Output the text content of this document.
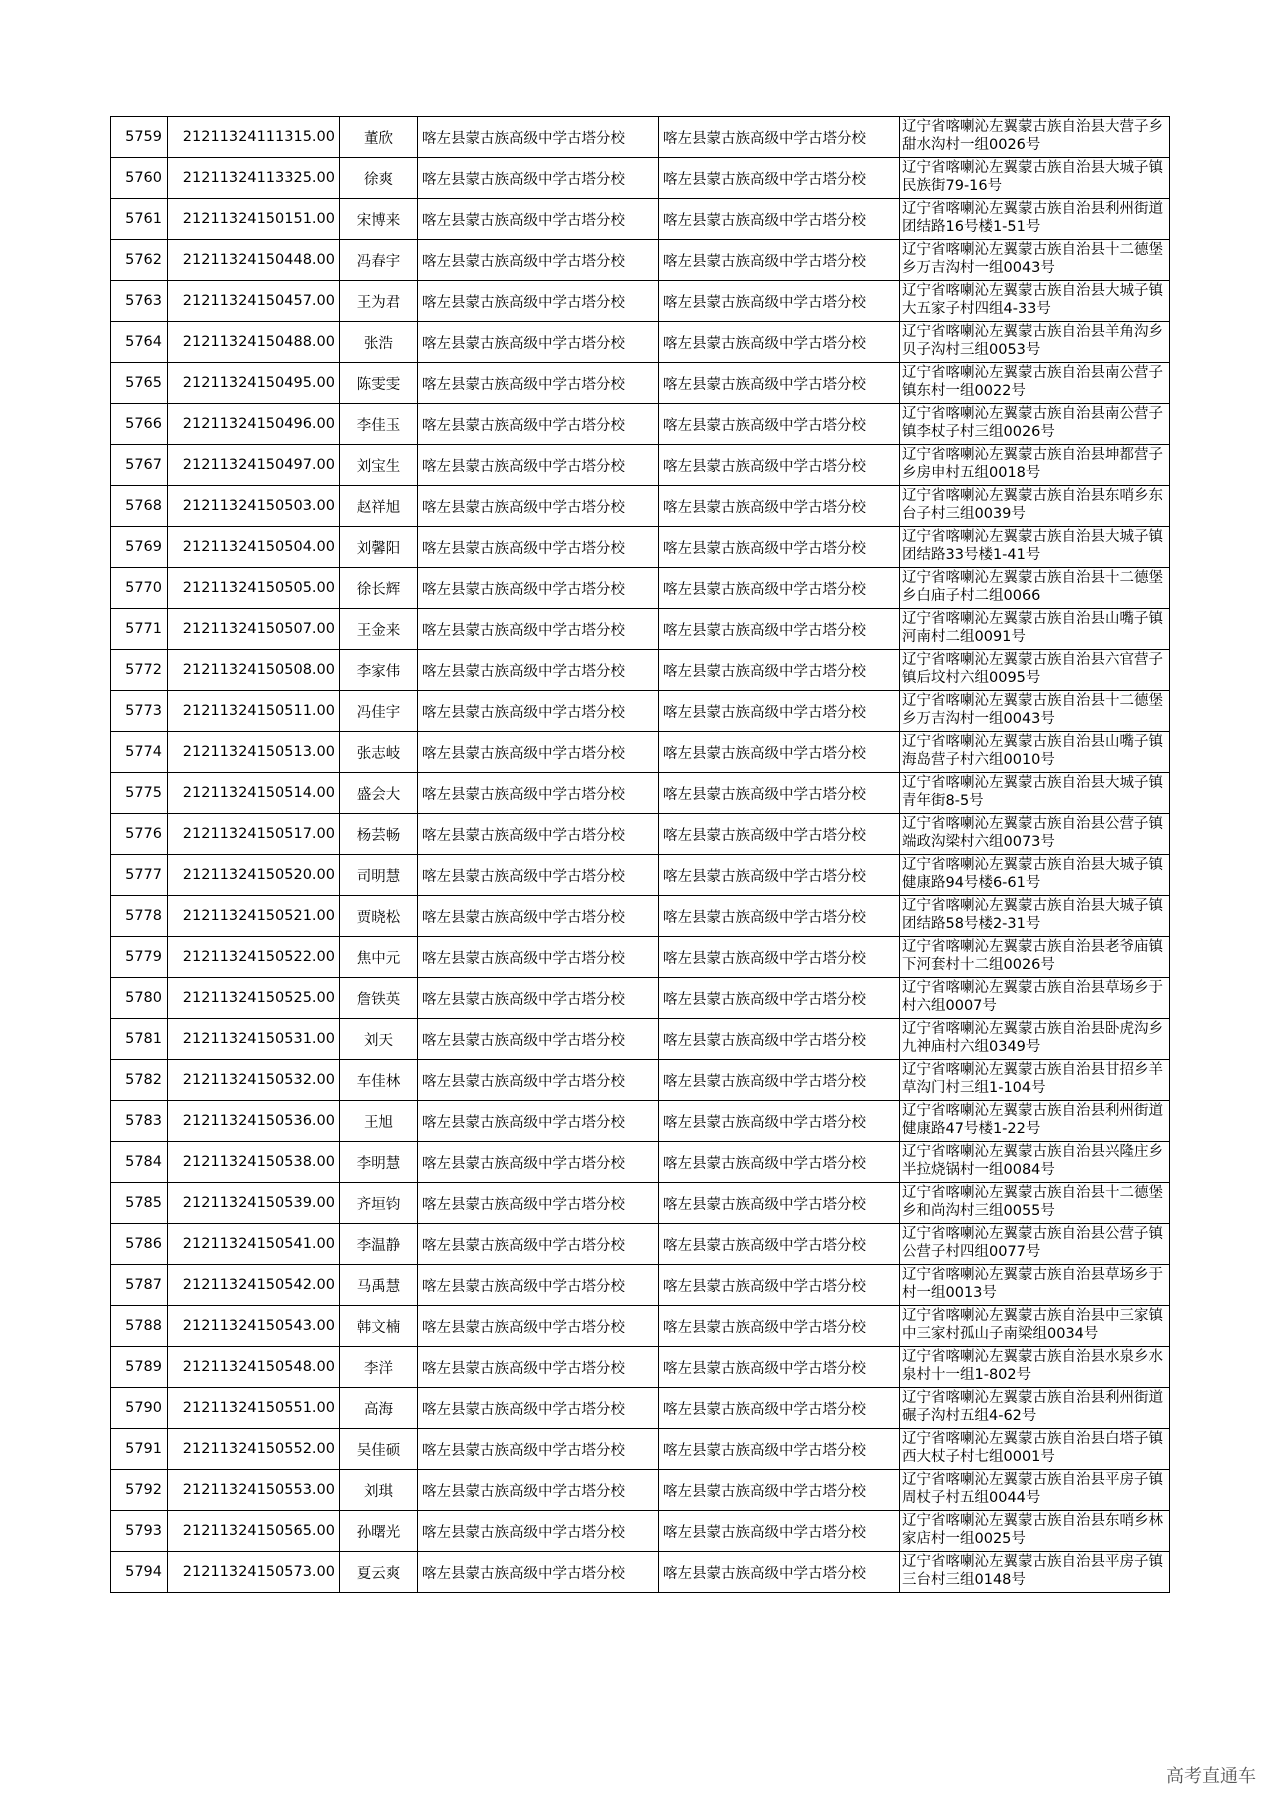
5759	21211324111315.00	董欣	喀左县蒙古族高级中学古塔分校	喀左县蒙古族高级中学古塔分校	辽宁省喀喇沁左翼蒙古族自治县大营子乡甜水沟村一组0026号
5760	21211324113325.00	徐爽	喀左县蒙古族高级中学古塔分校	喀左县蒙古族高级中学古塔分校	辽宁省喀喇沁左翼蒙古族自治县大城子镇民族街79-16号
5761	21211324150151.00	宋博来	喀左县蒙古族高级中学古塔分校	喀左县蒙古族高级中学古塔分校	辽宁省喀喇沁左翼蒙古族自治县利州街道团结路16号楼1-51号
5762	21211324150448.00	冯春宇	喀左县蒙古族高级中学古塔分校	喀左县蒙古族高级中学古塔分校	辽宁省喀喇沁左翼蒙古族自治县十二德堡乡万吉沟村一组0043号
5763	21211324150457.00	王为君	喀左县蒙古族高级中学古塔分校	喀左县蒙古族高级中学古塔分校	辽宁省喀喇沁左翼蒙古族自治县大城子镇大五家子村四组4-33号
5764	21211324150488.00	张浩	喀左县蒙古族高级中学古塔分校	喀左县蒙古族高级中学古塔分校	辽宁省喀喇沁左翼蒙古族自治县羊角沟乡贝子沟村三组0053号
5765	21211324150495.00	陈雯雯	喀左县蒙古族高级中学古塔分校	喀左县蒙古族高级中学古塔分校	辽宁省喀喇沁左翼蒙古族自治县南公营子镇东村一组0022号
5766	21211324150496.00	李佳玉	喀左县蒙古族高级中学古塔分校	喀左县蒙古族高级中学古塔分校	辽宁省喀喇沁左翼蒙古族自治县南公营子镇李杖子村三组0026号
5767	21211324150497.00	刘宝生	喀左县蒙古族高级中学古塔分校	喀左县蒙古族高级中学古塔分校	辽宁省喀喇沁左翼蒙古族自治县坤都营子乡房申村五组0018号
5768	21211324150503.00	赵祥旭	喀左县蒙古族高级中学古塔分校	喀左县蒙古族高级中学古塔分校	辽宁省喀喇沁左翼蒙古族自治县东哨乡东台子村三组0039号
5769	21211324150504.00	刘馨阳	喀左县蒙古族高级中学古塔分校	喀左县蒙古族高级中学古塔分校	辽宁省喀喇沁左翼蒙古族自治县大城子镇团结路33号楼1-41号
5770	21211324150505.00	徐长辉	喀左县蒙古族高级中学古塔分校	喀左县蒙古族高级中学古塔分校	辽宁省喀喇沁左翼蒙古族自治县十二德堡乡白庙子村二组0066
5771	21211324150507.00	王金来	喀左县蒙古族高级中学古塔分校	喀左县蒙古族高级中学古塔分校	辽宁省喀喇沁左翼蒙古族自治县山嘴子镇河南村二组0091号
5772	21211324150508.00	李家伟	喀左县蒙古族高级中学古塔分校	喀左县蒙古族高级中学古塔分校	辽宁省喀喇沁左翼蒙古族自治县六官营子镇后坟村六组0095号
5773	21211324150511.00	冯佳宇	喀左县蒙古族高级中学古塔分校	喀左县蒙古族高级中学古塔分校	辽宁省喀喇沁左翼蒙古族自治县十二德堡乡万吉沟村一组0043号
5774	21211324150513.00	张志岐	喀左县蒙古族高级中学古塔分校	喀左县蒙古族高级中学古塔分校	辽宁省喀喇沁左翼蒙古族自治县山嘴子镇海岛营子村六组0010号
5775	21211324150514.00	盛会大	喀左县蒙古族高级中学古塔分校	喀左县蒙古族高级中学古塔分校	辽宁省喀喇沁左翼蒙古族自治县大城子镇青年街8-5号
5776	21211324150517.00	杨芸畅	喀左县蒙古族高级中学古塔分校	喀左县蒙古族高级中学古塔分校	辽宁省喀喇沁左翼蒙古族自治县公营子镇端政沟梁村六组0073号
5777	21211324150520.00	司明慧	喀左县蒙古族高级中学古塔分校	喀左县蒙古族高级中学古塔分校	辽宁省喀喇沁左翼蒙古族自治县大城子镇健康路94号楼6-61号
5778	21211324150521.00	贾晓松	喀左县蒙古族高级中学古塔分校	喀左县蒙古族高级中学古塔分校	辽宁省喀喇沁左翼蒙古族自治县大城子镇团结路58号楼2-31号
5779	21211324150522.00	焦中元	喀左县蒙古族高级中学古塔分校	喀左县蒙古族高级中学古塔分校	辽宁省喀喇沁左翼蒙古族自治县老爷庙镇下河套村十二组0026号
5780	21211324150525.00	詹铁英	喀左县蒙古族高级中学古塔分校	喀左县蒙古族高级中学古塔分校	辽宁省喀喇沁左翼蒙古族自治县草场乡于村六组0007号
5781	21211324150531.00	刘天	喀左县蒙古族高级中学古塔分校	喀左县蒙古族高级中学古塔分校	辽宁省喀喇沁左翼蒙古族自治县卧虎沟乡九神庙村六组0349号
5782	21211324150532.00	车佳林	喀左县蒙古族高级中学古塔分校	喀左县蒙古族高级中学古塔分校	辽宁省喀喇沁左翼蒙古族自治县甘招乡羊草沟门村三组1-104号
5783	21211324150536.00	王旭	喀左县蒙古族高级中学古塔分校	喀左县蒙古族高级中学古塔分校	辽宁省喀喇沁左翼蒙古族自治县利州街道健康路47号楼1-22号
5784	21211324150538.00	李明慧	喀左县蒙古族高级中学古塔分校	喀左县蒙古族高级中学古塔分校	辽宁省喀喇沁左翼蒙古族自治县兴隆庄乡半拉烧锅村一组0084号
5785	21211324150539.00	齐垣钧	喀左县蒙古族高级中学古塔分校	喀左县蒙古族高级中学古塔分校	辽宁省喀喇沁左翼蒙古族自治县十二德堡乡和尚沟村三组0055号
5786	21211324150541.00	李温静	喀左县蒙古族高级中学古塔分校	喀左县蒙古族高级中学古塔分校	辽宁省喀喇沁左翼蒙古族自治县公营子镇公营子村四组0077号
5787	21211324150542.00	马禹慧	喀左县蒙古族高级中学古塔分校	喀左县蒙古族高级中学古塔分校	辽宁省喀喇沁左翼蒙古族自治县草场乡于村一组0013号
5788	21211324150543.00	韩文楠	喀左县蒙古族高级中学古塔分校	喀左县蒙古族高级中学古塔分校	辽宁省喀喇沁左翼蒙古族自治县中三家镇中三家村孤山子南梁组0034号
5789	21211324150548.00	李洋	喀左县蒙古族高级中学古塔分校	喀左县蒙古族高级中学古塔分校	辽宁省喀喇沁左翼蒙古族自治县水泉乡水泉村十一组1-802号
5790	21211324150551.00	高海	喀左县蒙古族高级中学古塔分校	喀左县蒙古族高级中学古塔分校	辽宁省喀喇沁左翼蒙古族自治县利州街道碾子沟村五组4-62号
5791	21211324150552.00	吴佳硕	喀左县蒙古族高级中学古塔分校	喀左县蒙古族高级中学古塔分校	辽宁省喀喇沁左翼蒙古族自治县白塔子镇西大杖子村七组0001号
5792	21211324150553.00	刘琪	喀左县蒙古族高级中学古塔分校	喀左县蒙古族高级中学古塔分校	辽宁省喀喇沁左翼蒙古族自治县平房子镇周杖子村五组0044号
5793	21211324150565.00	孙曙光	喀左县蒙古族高级中学古塔分校	喀左县蒙古族高级中学古塔分校	辽宁省喀喇沁左翼蒙古族自治县东哨乡林家店村一组0025号
5794	21211324150573.00	夏云爽	喀左县蒙古族高级中学古塔分校	喀左县蒙古族高级中学古塔分校	辽宁省喀喇沁左翼蒙古族自治县平房子镇三台村三组0148号
高考直通车
